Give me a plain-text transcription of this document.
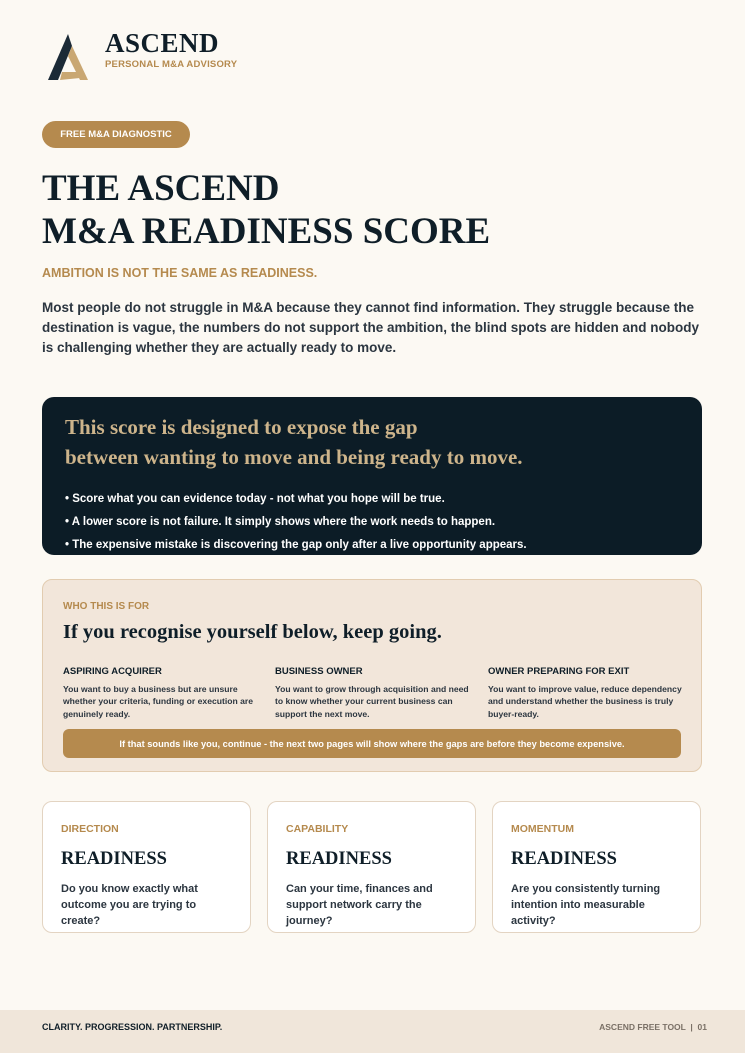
ASCEND
PERSONAL M&A ADVISORY
FREE M&A DIAGNOSTIC
THE ASCEND
M&A READINESS SCORE
AMBITION IS NOT THE SAME AS READINESS.

Most people do not struggle in M&A because they cannot find information. They struggle because the destination is vague, the numbers do not support the ambition, the blind spots are hidden and nobody is challenging whether they are actually ready to move.

This score is designed to expose the gap
between wanting to move and being ready to move.
• Score what you can evidence today - not what you hope will be true.
• A lower score is not failure. It simply shows where the work needs to happen.
• The expensive mistake is discovering the gap only after a live opportunity appears.
WHO THIS IS FOR
If you recognise yourself below, keep going.
ASPIRING ACQUIRER
You want to buy a business but are unsure whether your criteria, funding or execution are genuinely ready.
BUSINESS OWNER
You want to grow through acquisition and need to know whether your current business can support the next move.
OWNER PREPARING FOR EXIT
You want to improve value, reduce dependency and understand whether the business is truly buyer-ready.
If that sounds like you, continue - the next two pages will show where the gaps are before they become expensive.
DIRECTION
READINESS
Do you know exactly what outcome you are trying to create?
CAPABILITY
READINESS
Can your time, finances and support network carry the journey?
MOMENTUM
READINESS
Are you consistently turning intention into measurable activity?
CLARITY. PROGRESSION. PARTNERSHIP.	ASCEND FREE TOOL  |  01
